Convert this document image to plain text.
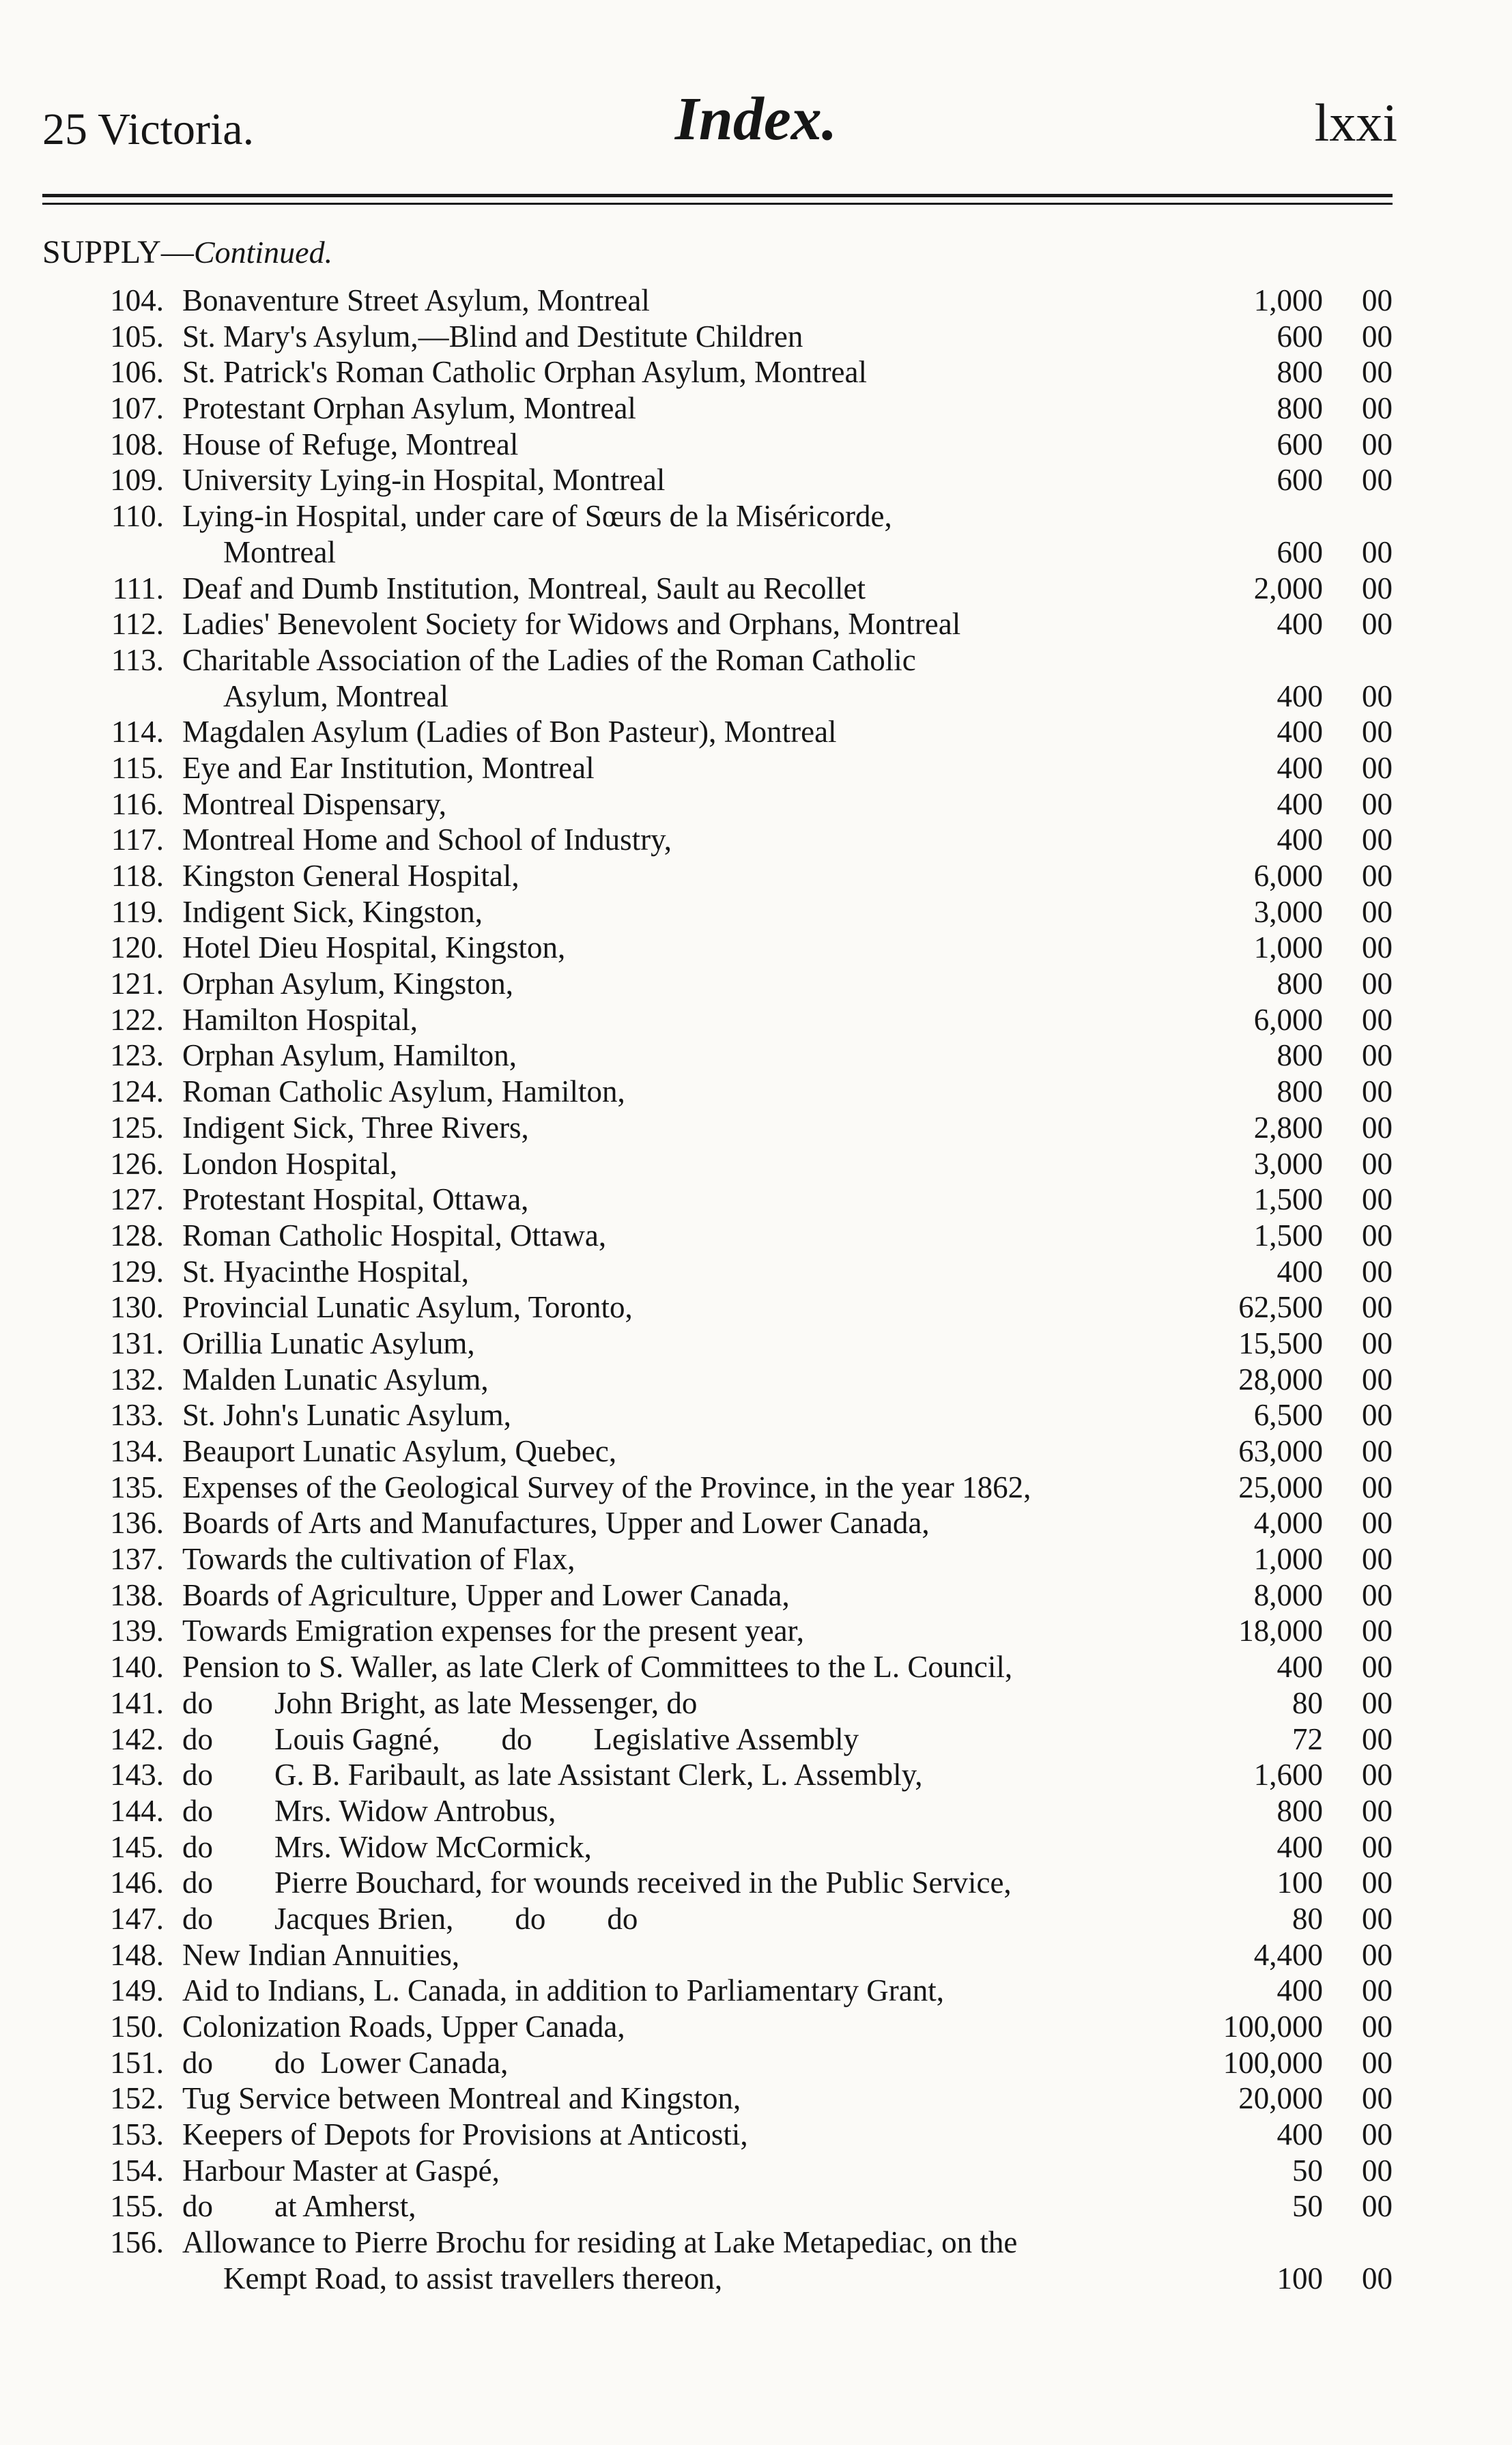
25 Victoria.	Index.	lxxi
SUPPLY—Continued.
104. Bonaventure Street Asylum, Montreal	1,000 00
105. St. Mary's Asylum,—Blind and Destitute Children	600 00
106. St. Patrick's Roman Catholic Orphan Asylum, Montreal	800 00
107. Protestant Orphan Asylum, Montreal	800 00
108. House of Refuge, Montreal	600 00
109. University Lying-in Hospital, Montreal	600 00
110. Lying-in Hospital, under care of Sœurs de la Miséricorde,
Montreal	600 00
111. Deaf and Dumb Institution, Montreal, Sault au Recollet	2,000 00
112. Ladies' Benevolent Society for Widows and Orphans, Montreal	400 00
113. Charitable Association of the Ladies of the Roman Catholic
Asylum, Montreal	400 00
114. Magdalen Asylum (Ladies of Bon Pasteur), Montreal	400 00
115. Eye and Ear Institution, Montreal	400 00
116. Montreal Dispensary,	400 00
117. Montreal Home and School of Industry,	400 00
118. Kingston General Hospital,	6,000 00
119. Indigent Sick, Kingston,	3,000 00
120. Hotel Dieu Hospital, Kingston,	1,000 00
121. Orphan Asylum, Kingston,	800 00
122. Hamilton Hospital,	6,000 00
123. Orphan Asylum, Hamilton,	800 00
124. Roman Catholic Asylum, Hamilton,	800 00
125. Indigent Sick, Three Rivers,	2,800 00
126. London Hospital,	3,000 00
127. Protestant Hospital, Ottawa,	1,500 00
128. Roman Catholic Hospital, Ottawa,	1,500 00
129. St. Hyacinthe Hospital,	400 00
130. Provincial Lunatic Asylum, Toronto,	62,500 00
131. Orillia Lunatic Asylum,	15,500 00
132. Malden Lunatic Asylum,	28,000 00
133. St. John's Lunatic Asylum,	6,500 00
134. Beauport Lunatic Asylum, Quebec,	63,000 00
135. Expenses of the Geological Survey of the Province, in the year 1862,	25,000 00
136. Boards of Arts and Manufactures, Upper and Lower Canada,	4,000 00
137. Towards the cultivation of Flax,	1,000 00
138. Boards of Agriculture, Upper and Lower Canada,	8,000 00
139. Towards Emigration expenses for the present year,	18,000 00
140. Pension to S. Waller, as late Clerk of Committees to the L. Council,	400 00
141. do        John Bright, as late Messenger, do	80 00
142. do        Louis Gagné,        do        Legislative Assembly	72 00
143. do        G. B. Faribault, as late Assistant Clerk, L. Assembly,	1,600 00
144. do        Mrs. Widow Antrobus,	800 00
145. do        Mrs. Widow McCormick,	400 00
146. do        Pierre Bouchard, for wounds received in the Public Service,	100 00
147. do        Jacques Brien,        do        do	80 00
148. New Indian Annuities,	4,400 00
149. Aid to Indians, L. Canada, in addition to Parliamentary Grant,	400 00
150. Colonization Roads, Upper Canada,	100,000 00
151. do        do  Lower Canada,	100,000 00
152. Tug Service between Montreal and Kingston,	20,000 00
153. Keepers of Depots for Provisions at Anticosti,	400 00
154. Harbour Master at Gaspé,	50 00
155. do        at Amherst,	50 00
156. Allowance to Pierre Brochu for residing at Lake Metapediac, on the
Kempt Road, to assist travellers thereon,	100 00
